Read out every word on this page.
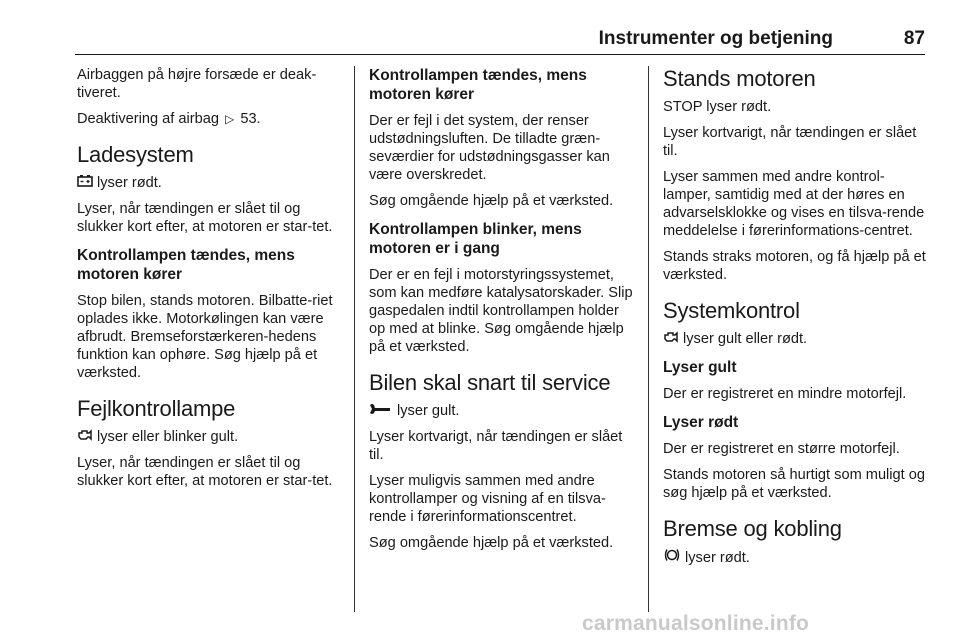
Instrumenter og betjening	87

Airbaggen på højre forsæde er deak-tiveret.

Deaktivering af airbag ▷ 53.

Ladesystem

lyser rødt.

Lyser, når tændingen er slået til og slukker kort efter, at motoren er star-tet.

Kontrollampen tændes, mens motoren kører

Stop bilen, stands motoren. Bilbatte-riet oplades ikke. Motorkølingen kan være afbrudt. Bremseforstærkeren-hedens funktion kan ophøre. Søg hjælp på et værksted.

Fejlkontrollampe

lyser eller blinker gult.

Lyser, når tændingen er slået til og slukker kort efter, at motoren er star-tet.

Kontrollampen tændes, mens motoren kører

Der er fejl i det system, der renser udstødningsluften. De tilladte græn-seværdier for udstødningsgasser kan være overskredet.

Søg omgående hjælp på et værksted.

Kontrollampen blinker, mens motoren er i gang

Der er en fejl i motorstyringssystemet, som kan medføre katalysatorskader. Slip gaspedalen indtil kontrollampen holder op med at blinke. Søg omgående hjælp på et værksted.

Bilen skal snart til service

lyser gult.

Lyser kortvarigt, når tændingen er slået til.

Lyser muligvis sammen med andre kontrollamper og visning af en tilsva-rende i førerinformationscentret.

Søg omgående hjælp på et værksted.

Stands motoren

STOP lyser rødt.

Lyser kortvarigt, når tændingen er slået til.

Lyser sammen med andre kontrol-lamper, samtidig med at der høres en advarselsklokke og vises en tilsva-rende meddelelse i førerinformations-centret.

Stands straks motoren, og få hjælp på et værksted.

Systemkontrol

lyser gult eller rødt.

Lyser gult

Der er registreret en mindre motorfejl.

Lyser rødt

Der er registreret en større motorfejl.

Stands motoren så hurtigt som muligt og søg hjælp på et værksted.

Bremse og kobling

lyser rødt.

carmanualsonline.info
